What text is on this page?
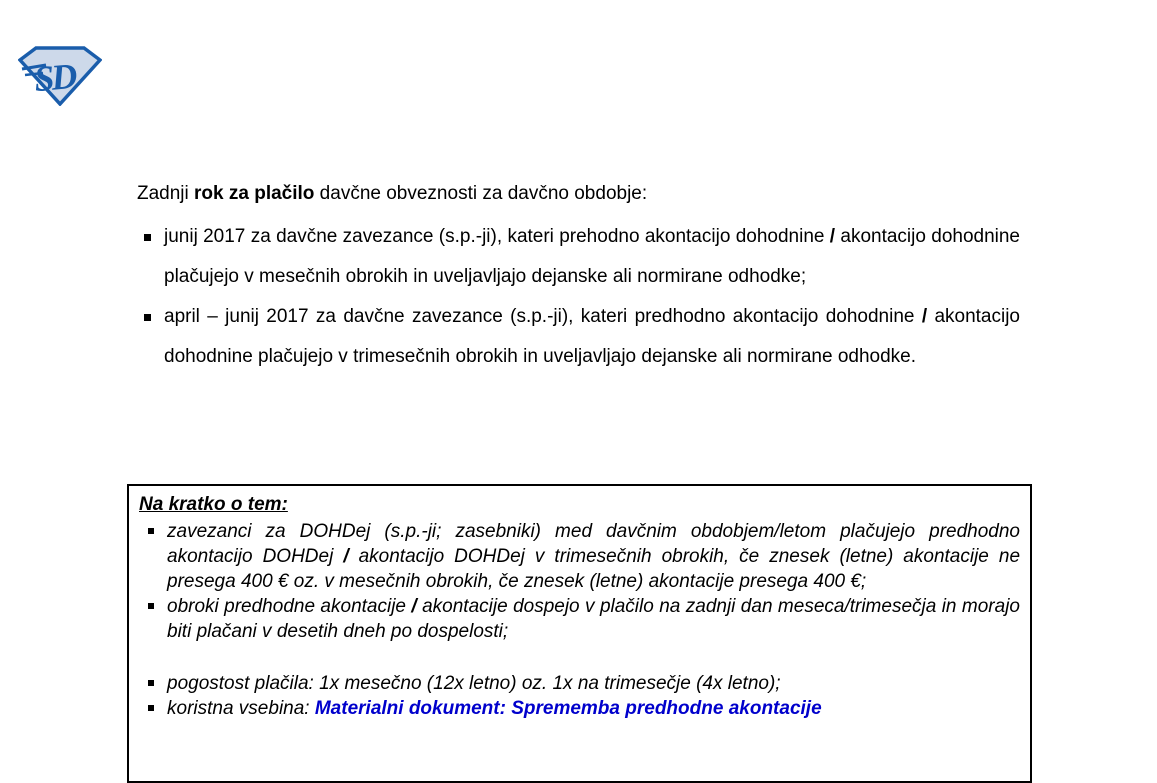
SD

Zadnji rok za plačilo davčne obveznosti za davčno obdobje:

junij 2017 za davčne zavezance (s.p.-ji), kateri prehodno akontacijo dohodnine / akontacijo dohodnine plačujejo v mesečnih obrokih in uveljavljajo dejanske ali normirane odhodke;
april – junij 2017 za davčne zavezance (s.p.-ji), kateri predhodno akontacijo dohodnine / akontacijo dohodnine plačujejo v trimesečnih obrokih in uveljavljajo dejanske ali normirane odhodke.
Na kratko o tem:
zavezanci za DOHDej (s.p.-ji; zasebniki) med davčnim obdobjem/letom plačujejo predhodno akontacijo DOHDej / akontacijo DOHDej v trimesečnih obrokih, če znesek (letne) akontacije ne presega 400 € oz. v mesečnih obrokih, če znesek (letne) akontacije presega 400 €;
obroki predhodne akontacije / akontacije dospejo v plačilo na zadnji dan meseca/trimesečja in morajo biti plačani v desetih dneh po dospelosti;
pogostost plačila: 1x mesečno (12x letno) oz. 1x na trimesečje (4x letno);
koristna vsebina: Materialni dokument: Sprememba predhodne akontacije
